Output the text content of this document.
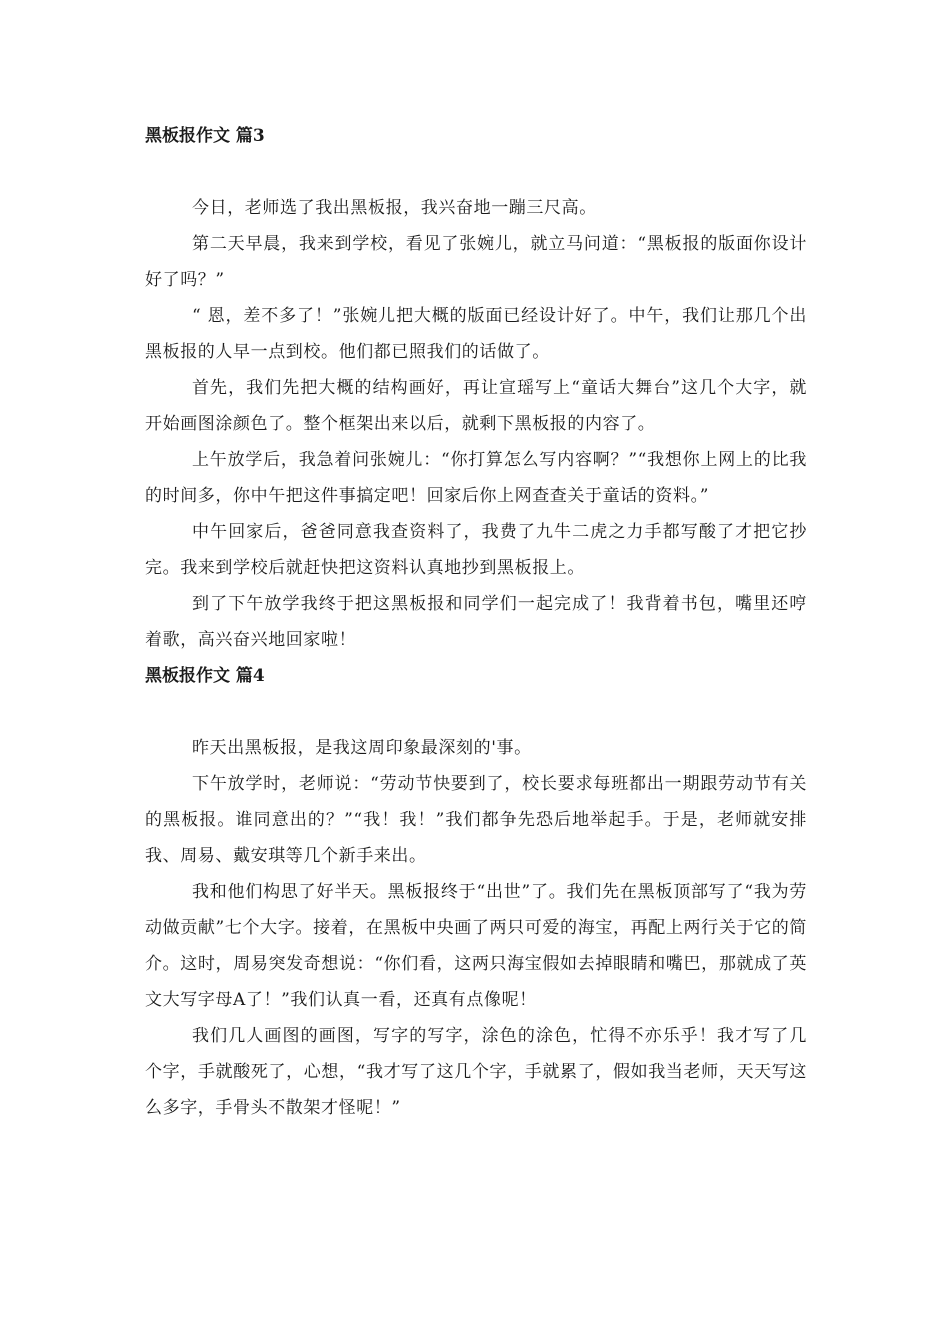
黑板报作文 篇3

今日，老师选了我出黑板报，我兴奋地一蹦三尺高。

第二天早晨，我来到学校，看见了张婉儿，就立马问道：“黑板报的版面你设计好了吗？”

“ 恩，差不多了！”张婉儿把大概的版面已经设计好了。中午，我们让那几个出黑板报的人早一点到校。他们都已照我们的话做了。

首先，我们先把大概的结构画好，再让宣瑶写上“童话大舞台”这几个大字，就开始画图涂颜色了。整个框架出来以后，就剩下黑板报的内容了。

上午放学后，我急着问张婉儿：“你打算怎么写内容啊？”“我想你上网上的比我的时间多，你中午把这件事搞定吧！回家后你上网查查关于童话的资料。”

中午回家后，爸爸同意我查资料了，我费了九牛二虎之力手都写酸了才把它抄完。我来到学校后就赶快把这资料认真地抄到黑板报上。

到了下午放学我终于把这黑板报和同学们一起完成了！我背着书包，嘴里还哼着歌，高兴奋兴地回家啦！

黑板报作文 篇4

昨天出黑板报，是我这周印象最深刻的'事。

下午放学时，老师说：“劳动节快要到了，校长要求每班都出一期跟劳动节有关的黑板报。谁同意出的？”“我！我！”我们都争先恐后地举起手。于是，老师就安排我、周易、戴安琪等几个新手来出。

我和他们构思了好半天。黑板报终于“出世”了。我们先在黑板顶部写了“我为劳动做贡献”七个大字。接着，在黑板中央画了两只可爱的海宝，再配上两行关于它的简介。这时，周易突发奇想说：“你们看，这两只海宝假如去掉眼睛和嘴巴，那就成了英文大写字母A了！”我们认真一看，还真有点像呢！

我们几人画图的画图，写字的写字，涂色的涂色，忙得不亦乐乎！我才写了几个字，手就酸死了，心想，“我才写了这几个字，手就累了，假如我当老师，天天写这么多字，手骨头不散架才怪呢！”
